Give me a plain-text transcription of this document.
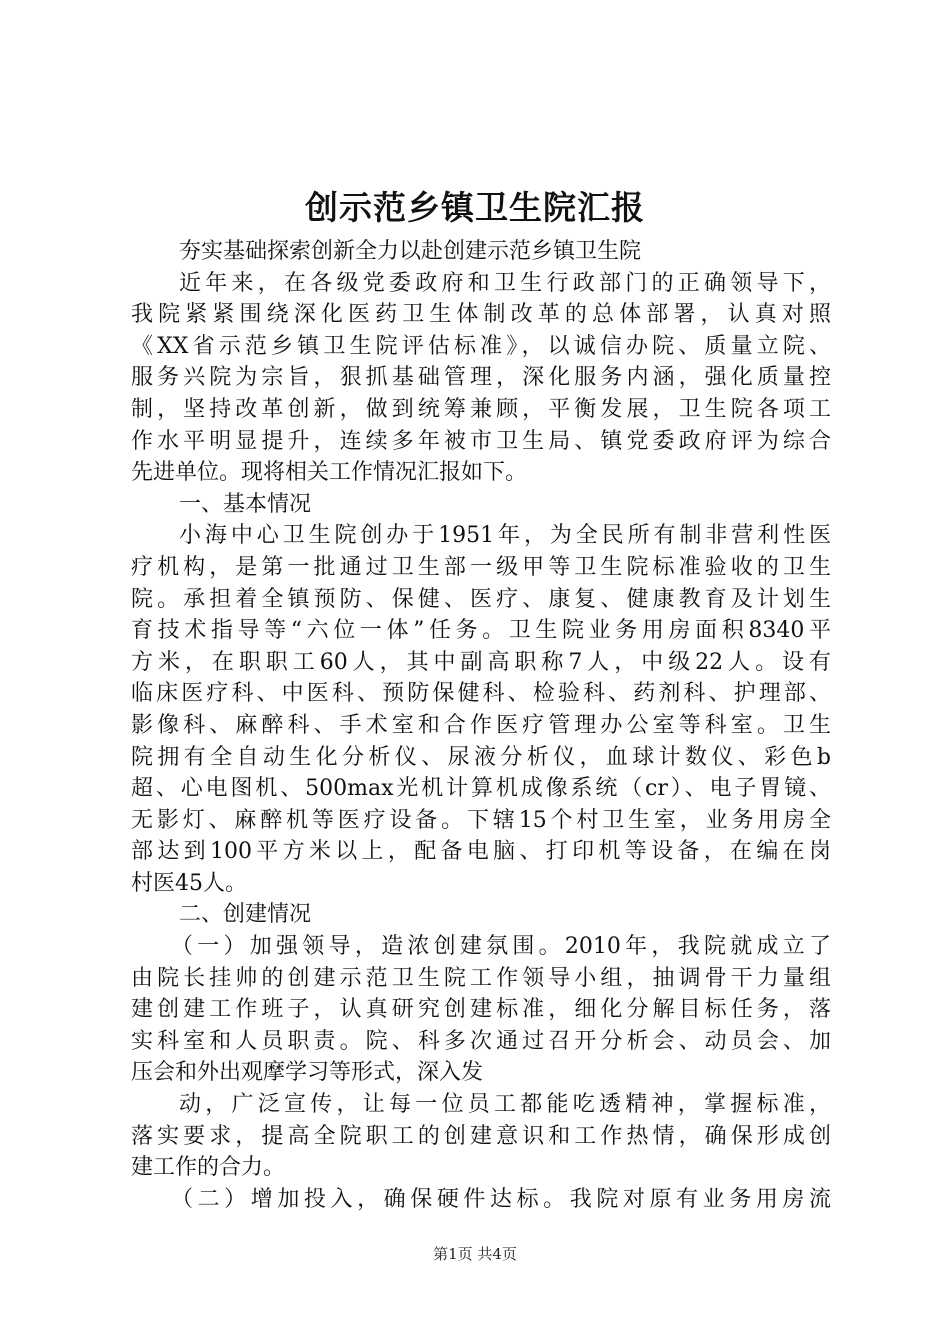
创示范乡镇卫生院汇报
夯实基础探索创新全力以赴创建示范乡镇卫生院
近年来，在各级党委政府和卫生行政部门的正确领导下，
我院紧紧围绕深化医药卫生体制改革的总体部署，认真对照
《XX省示范乡镇卫生院评估标准》，以诚信办院、质量立院、
服务兴院为宗旨，狠抓基础管理，深化服务内涵，强化质量控
制，坚持改革创新，做到统筹兼顾，平衡发展，卫生院各项工
作水平明显提升，连续多年被市卫生局、镇党委政府评为综合
先进单位。现将相关工作情况汇报如下。
一、基本情况
小海中心卫生院创办于1951年，为全民所有制非营利性医
疗机构，是第一批通过卫生部一级甲等卫生院标准验收的卫生
院。承担着全镇预防、保健、医疗、康复、健康教育及计划生
育技术指导等“六位一体”任务。卫生院业务用房面积8340平
方米，在职职工60人，其中副高职称7人，中级22人。设有
临床医疗科、中医科、预防保健科、检验科、药剂科、护理部、
影像科、麻醉科、手术室和合作医疗管理办公室等科室。卫生
院拥有全自动生化分析仪、尿液分析仪，血球计数仪、彩色b
超、心电图机、500max光机计算机成像系统（cr）、电子胃镜、
无影灯、麻醉机等医疗设备。下辖15个村卫生室，业务用房全
部达到100平方米以上，配备电脑、打印机等设备，在编在岗
村医45人。
二、创建情况
（一）加强领导，造浓创建氛围。2010年，我院就成立了
由院长挂帅的创建示范卫生院工作领导小组，抽调骨干力量组
建创建工作班子，认真研究创建标准，细化分解目标任务，落
实科室和人员职责。院、科多次通过召开分析会、动员会、加
压会和外出观摩学习等形式，深入发
动，广泛宣传，让每一位员工都能吃透精神，掌握标准，
落实要求，提高全院职工的创建意识和工作热情，确保形成创
建工作的合力。
（二）增加投入，确保硬件达标。我院对原有业务用房流
第1页 共4页
